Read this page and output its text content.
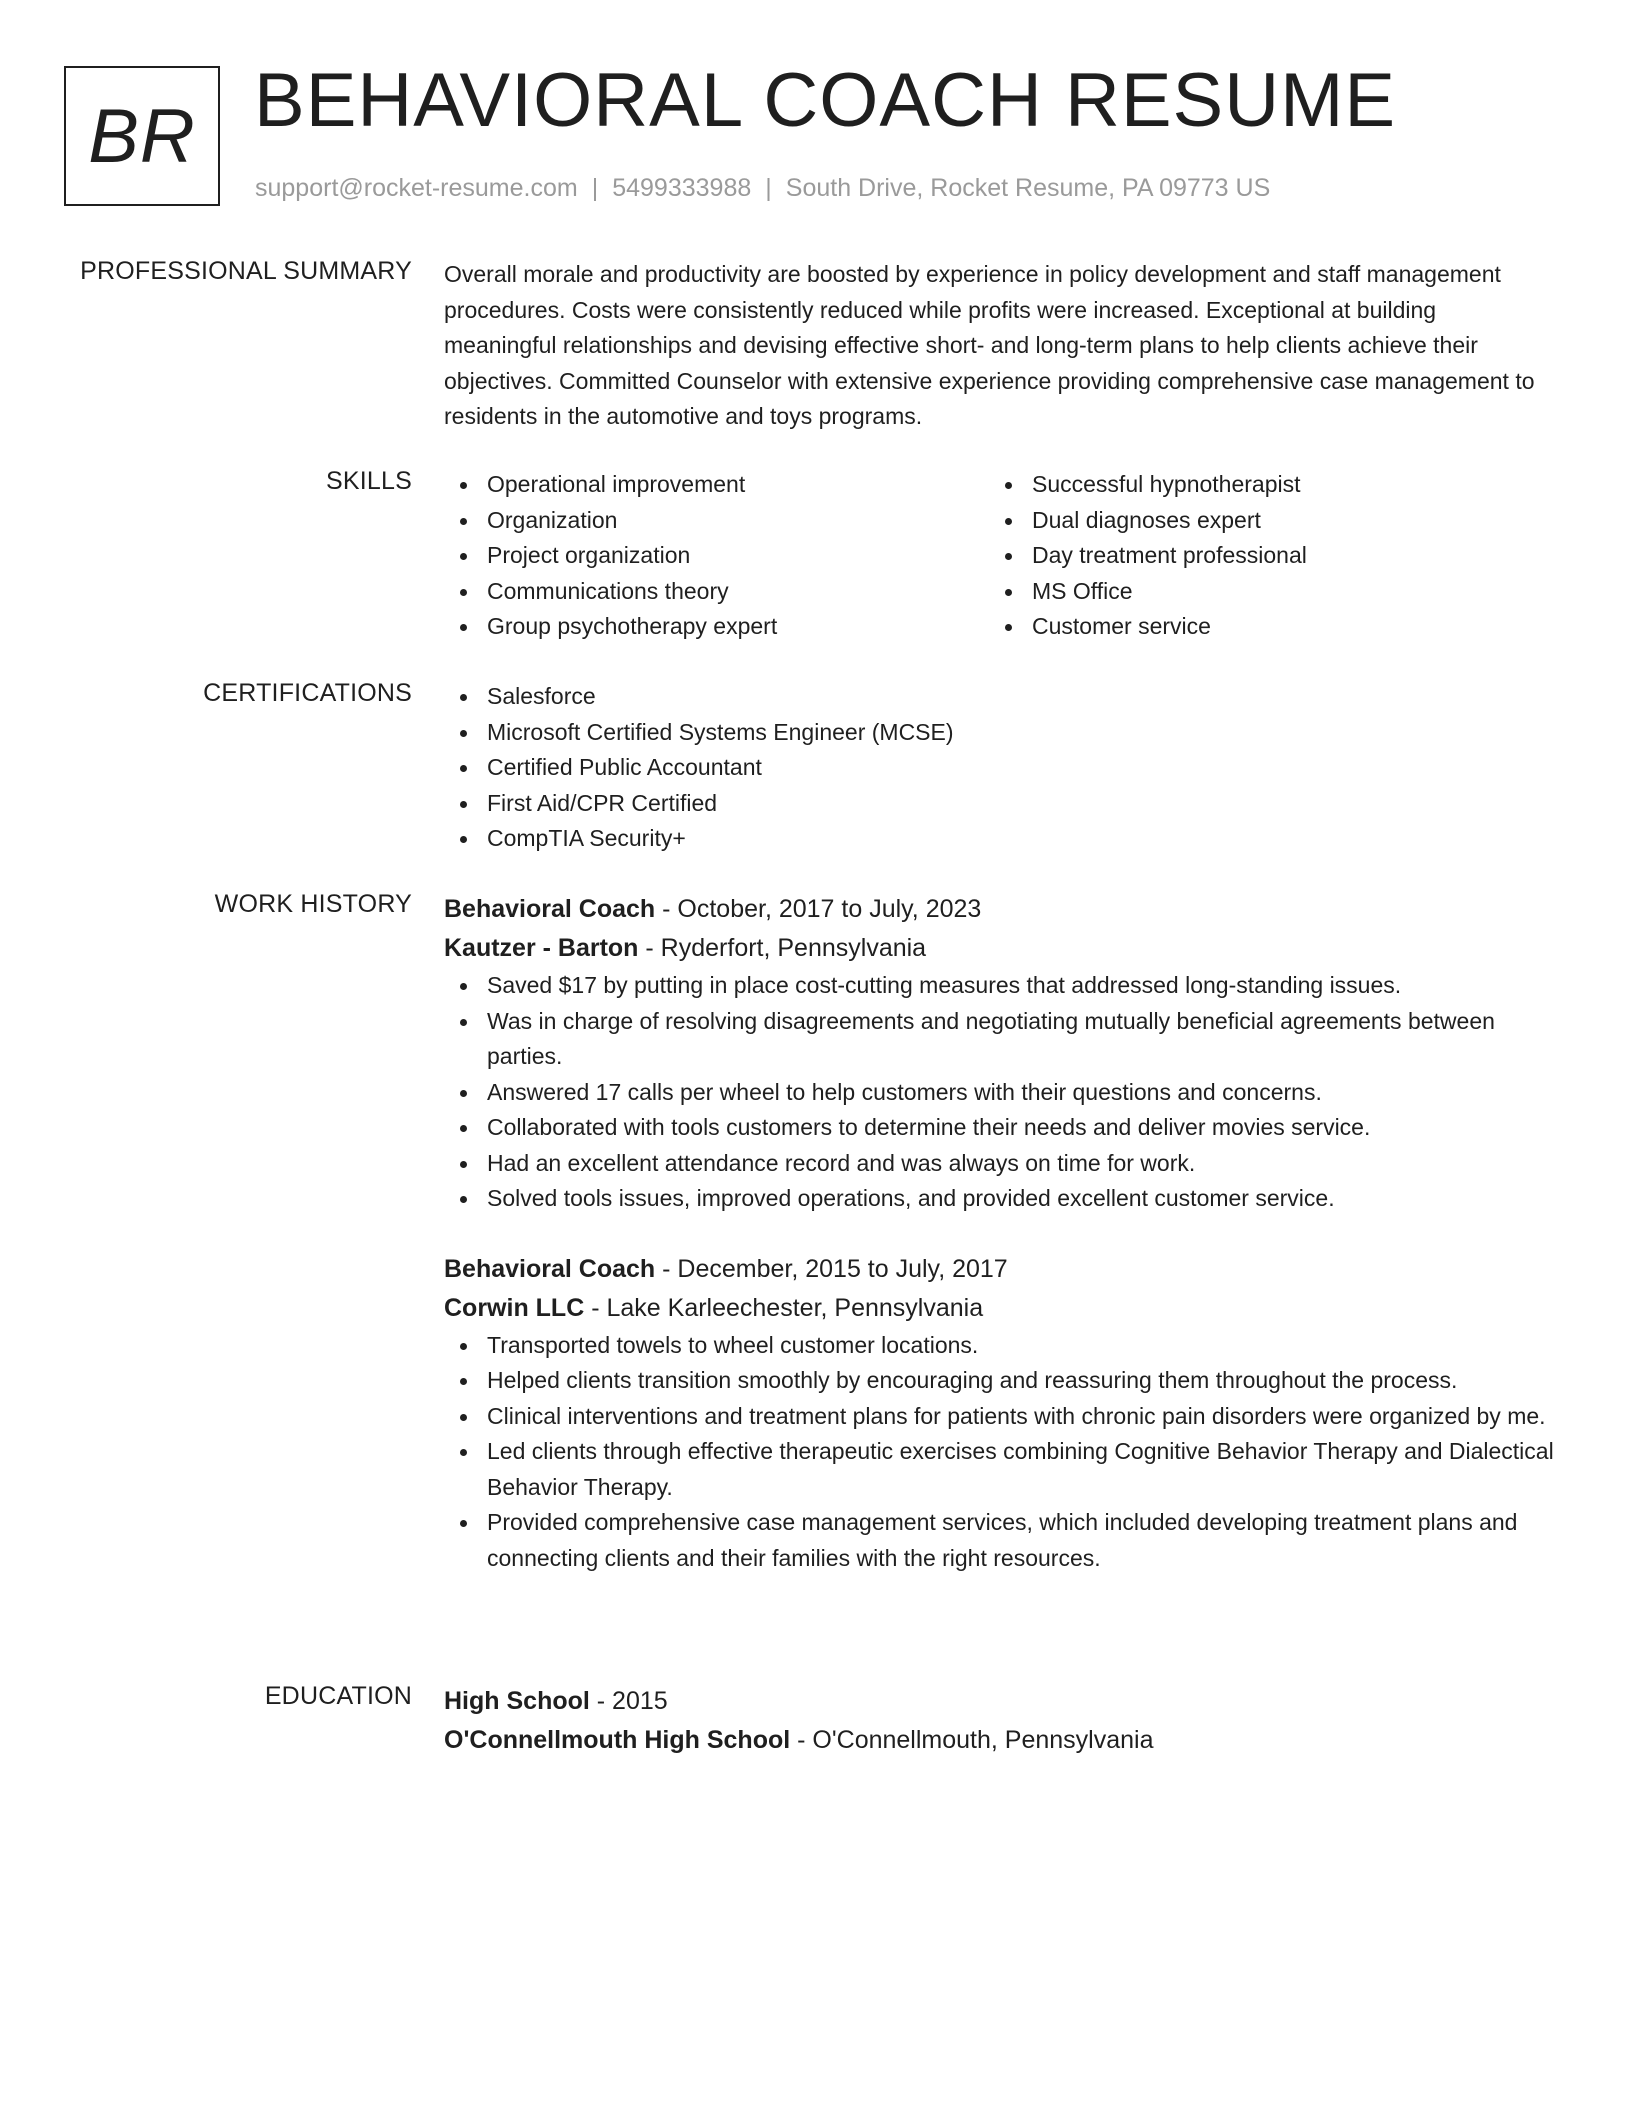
BR BEHAVIORAL COACH RESUME
support@rocket-resume.com | 5499333988 | South Drive, Rocket Resume, PA 09773 US
PROFESSIONAL SUMMARY Overall morale and productivity are boosted by experience in policy development and staff management procedures. Costs were consistently reduced while profits were increased. Exceptional at building meaningful relationships and devising effective short- and long-term plans to help clients achieve their objectives. Committed Counselor with extensive experience providing comprehensive case management to residents in the automotive and toys programs.

SKILLS	Operational improvement
Organization
Project organization
Communications theory
Group psychotherapy expert
Successful hypnotherapist
Dual diagnoses expert
Day treatment professional
MS Office
Customer service
CERTIFICATIONS	Salesforce
Microsoft Certified Systems Engineer (MCSE)
Certified Public Accountant
First Aid/CPR Certified
CompTIA Security+
WORK HISTORY Behavioral Coach - October, 2017 to July, 2023
Kautzer - Barton - Ryderfort, Pennsylvania
Saved $17 by putting in place cost-cutting measures that addressed long-standing issues.
Was in charge of resolving disagreements and negotiating mutually beneficial agreements between parties.
Answered 17 calls per wheel to help customers with their questions and concerns.
Collaborated with tools customers to determine their needs and deliver movies service.
Had an excellent attendance record and was always on time for work.
Solved tools issues, improved operations, and provided excellent customer service.
Behavioral Coach - December, 2015 to July, 2017
Corwin LLC - Lake Karleechester, Pennsylvania
Transported towels to wheel customer locations.
Helped clients transition smoothly by encouraging and reassuring them throughout the process.
Clinical interventions and treatment plans for patients with chronic pain disorders were organized by me.
Led clients through effective therapeutic exercises combining Cognitive Behavior Therapy and Dialectical Behavior Therapy.
Provided comprehensive case management services, which included developing treatment plans and connecting clients and their families with the right resources.
EDUCATION High School - 2015
O'Connellmouth High School - O'Connellmouth, Pennsylvania
